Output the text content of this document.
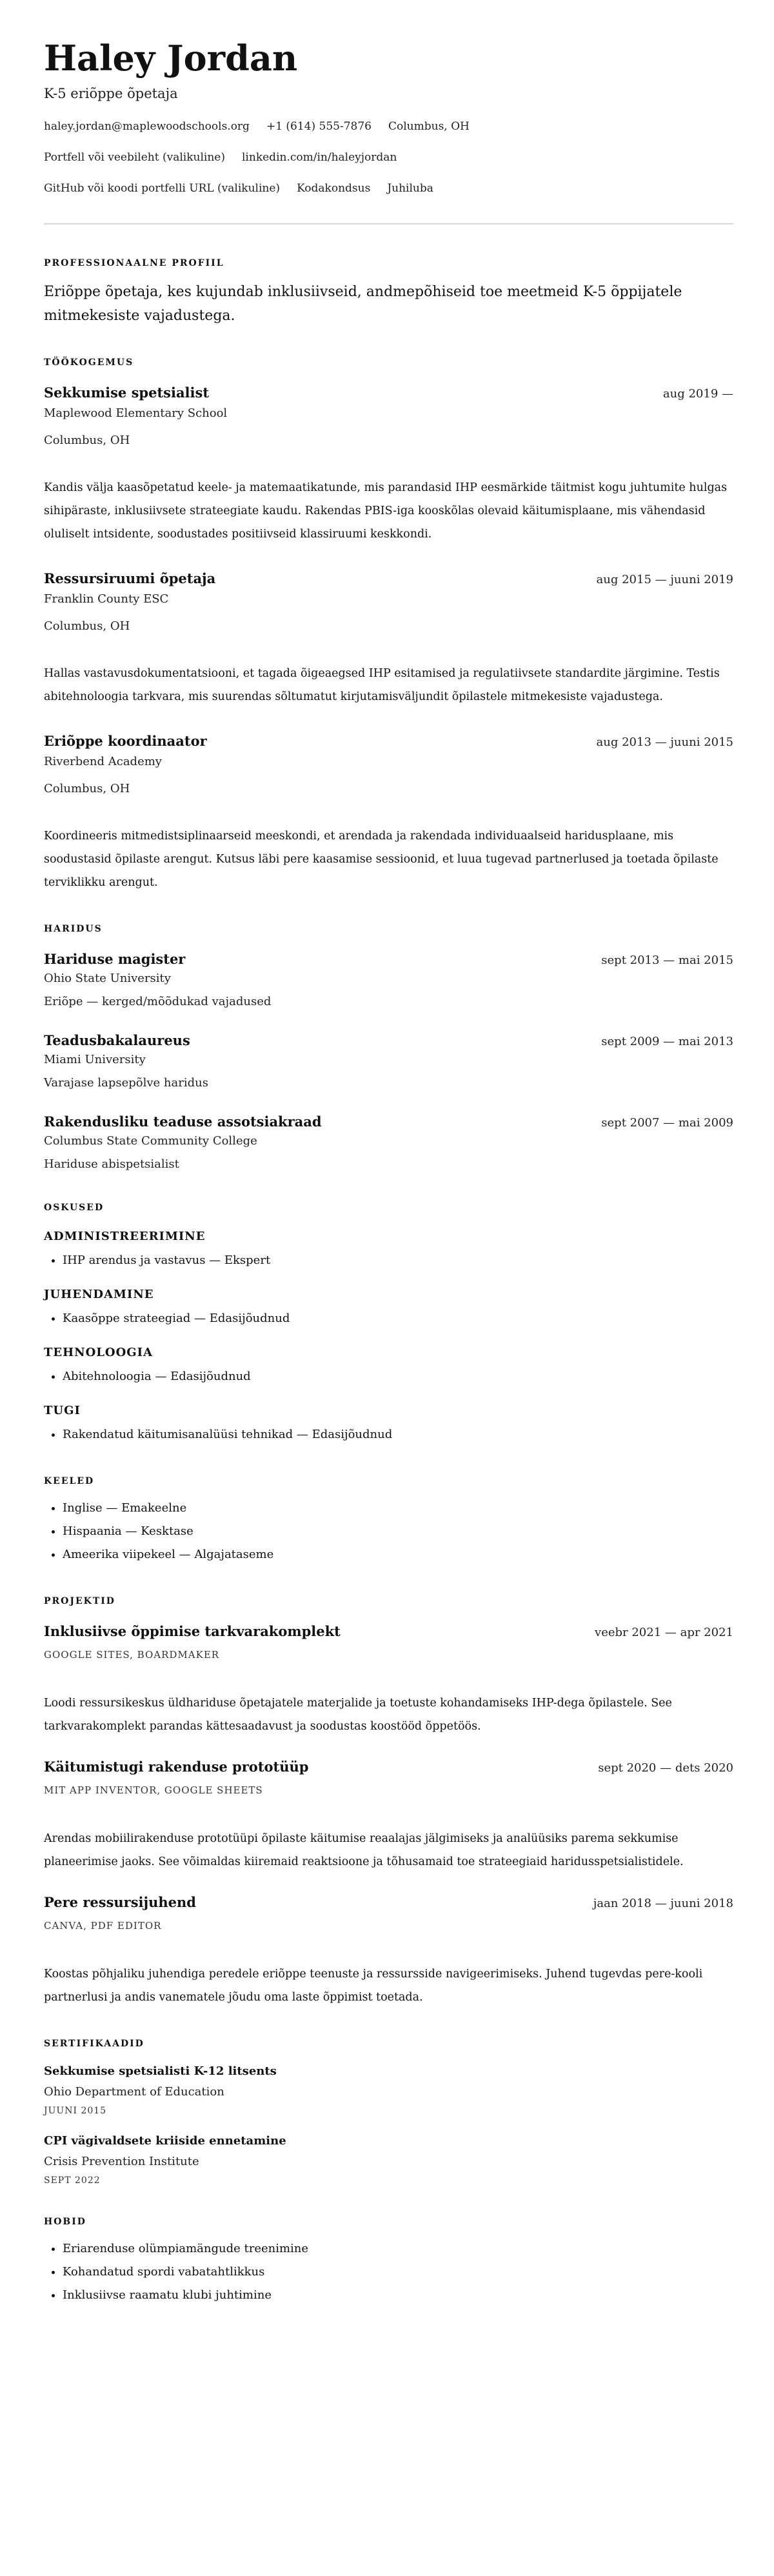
Haley Jordan
K-5 eriõppe õpetaja
haley.jordan@maplewoodschools.org +1 (614) 555-7876 Columbus, OH
Portfell või veebileht (valikuline) linkedin.com/in/haleyjordan
GitHub või koodi portfelli URL (valikuline) Kodakondsus Juhiluba
PROFESSIONAALNE PROFIIL
Eriõppe õpetaja, kes kujundab inklusiivseid, andmepõhiseid toe meetmeid K-5 õppijatele mitmekesiste vajadustega.
TÖÖKOGEMUS
Sekkumise spetsialist	aug 2019 —
Maplewood Elementary School
Columbus, OH
Kandis välja kaasõpetatud keele- ja matemaatikatunde, mis parandasid IHP eesmärkide täitmist kogu juhtumite hulgas sihipäraste, inklusiivsete strateegiate kaudu. Rakendas PBIS-iga kooskõlas olevaid käitumisplaane, mis vähendasid oluliselt intsidente, soodustades positiivseid klassiruumi keskkondi.
Ressursiruumi õpetaja	aug 2015 — juuni 2019
Franklin County ESC
Columbus, OH
Hallas vastavusdokumentatsiooni, et tagada õigeaegsed IHP esitamised ja regulatiivsete standardite järgimine. Testis abitehnoloogia tarkvara, mis suurendas sõltumatut kirjutamisväljundit õpilastele mitmekesiste vajadustega.
Eriõppe koordinaator	aug 2013 — juuni 2015
Riverbend Academy
Columbus, OH
Koordineeris mitmedistsiplinaarseid meeskondi, et arendada ja rakendada individuaalseid haridusplaane, mis soodustasid õpilaste arengut. Kutsus läbi pere kaasamise sessioonid, et luua tugevad partnerlused ja toetada õpilaste terviklikku arengut.
HARIDUS
Hariduse magister	sept 2013 — mai 2015
Ohio State University
Eriõpe — kerged/mõõdukad vajadused
Teadusbakalaureus	sept 2009 — mai 2013
Miami University
Varajase lapsepõlve haridus
Rakendusliku teaduse assotsiakraad	sept 2007 — mai 2009
Columbus State Community College
Hariduse abispetsialist
OSKUSED
ADMINISTREERIMINE
• IHP arendus ja vastavus — Ekspert
JUHENDAMINE
• Kaasõppe strateegiad — Edasijõudnud
TEHNOLOOGIA
• Abitehnoloogia — Edasijõudnud
TUGI
• Rakendatud käitumisanalüüsi tehnikad — Edasijõudnud
KEELED
• Inglise — Emakeelne
• Hispaania — Kesktase
• Ameerika viipekeel — Algajataseme
PROJEKTID
Inklusiivse õppimise tarkvarakomplekt	veebr 2021 — apr 2021
GOOGLE SITES, BOARDMAKER
Loodi ressursikeskus üldhariduse õpetajatele materjalide ja toetuste kohandamiseks IHP-dega õpilastele. See tarkvarakomplekt parandas kättesaadavust ja soodustas koostööd õppetöös.
Käitumistugi rakenduse prototüüp	sept 2020 — dets 2020
MIT APP INVENTOR, GOOGLE SHEETS
Arendas mobiilirakenduse prototüüpi õpilaste käitumise reaalajas jälgimiseks ja analüüsiks parema sekkumise planeerimise jaoks. See võimaldas kiiremaid reaktsioone ja tõhusamaid toe strateegiaid haridusspetsialistidele.
Pere ressursijuhend	jaan 2018 — juuni 2018
CANVA, PDF EDITOR
Koostas põhjaliku juhendiga peredele eriõppe teenuste ja ressursside navigeerimiseks. Juhend tugevdas pere-kooli partnerlusi ja andis vanematele jõudu oma laste õppimist toetada.
SERTIFIKAADID
Sekkumise spetsialisti K-12 litsents
Ohio Department of Education
JUUNI 2015
CPI vägivaldsete kriiside ennetamine
Crisis Prevention Institute
SEPT 2022
HOBID
• Eriarenduse olümpiamängude treenimine
• Kohandatud spordi vabatahtlikkus
• Inklusiivse raamatu klubi juhtimine
